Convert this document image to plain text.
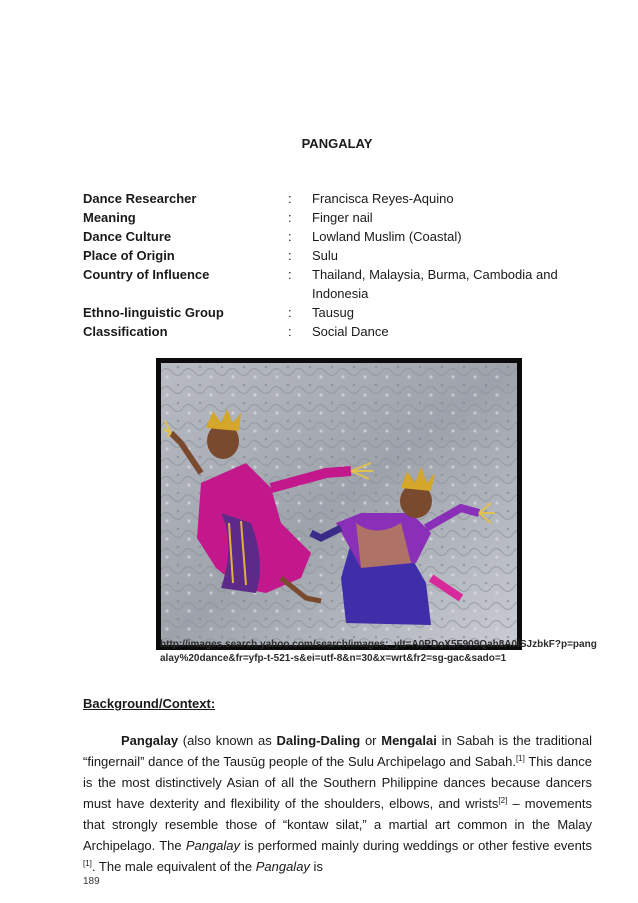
PANGALAY
Dance Researcher	:	Francisca Reyes-Aquino
Meaning	:	Finger nail
Dance Culture	:	Lowland Muslim (Coastal)
Place of Origin	:	Sulu
Country of Influence	:	Thailand, Malaysia, Burma, Cambodia and Indonesia
Ethno-linguistic Group	:	Tausug
Classification	:	Social Dance
http://images.search.yahoo.com/search/images;_ylt=A0PDoX5F909Qah8A0iSJzbkF?p=pangalay%20dance&fr=yfp-t-521-s&ei=utf-8&n=30&x=wrt&fr2=sg-gac&sado=1
Background/Context:

Pangalay (also known as Daling-Daling or Mengalai in Sabah is the traditional “fingernail” dance of the Tausūg people of the Sulu Archipelago and Sabah.[1] This dance is the most distinctively Asian of all the Southern Philippine dances because dancers must have dexterity and flexibility of the shoulders, elbows, and wrists[2] – movements that strongly resemble those of “kontaw silat,” a martial art common in the Malay Archipelago. The Pangalay is performed mainly during weddings or other festive events [1]. The male equivalent of the Pangalay is

189
